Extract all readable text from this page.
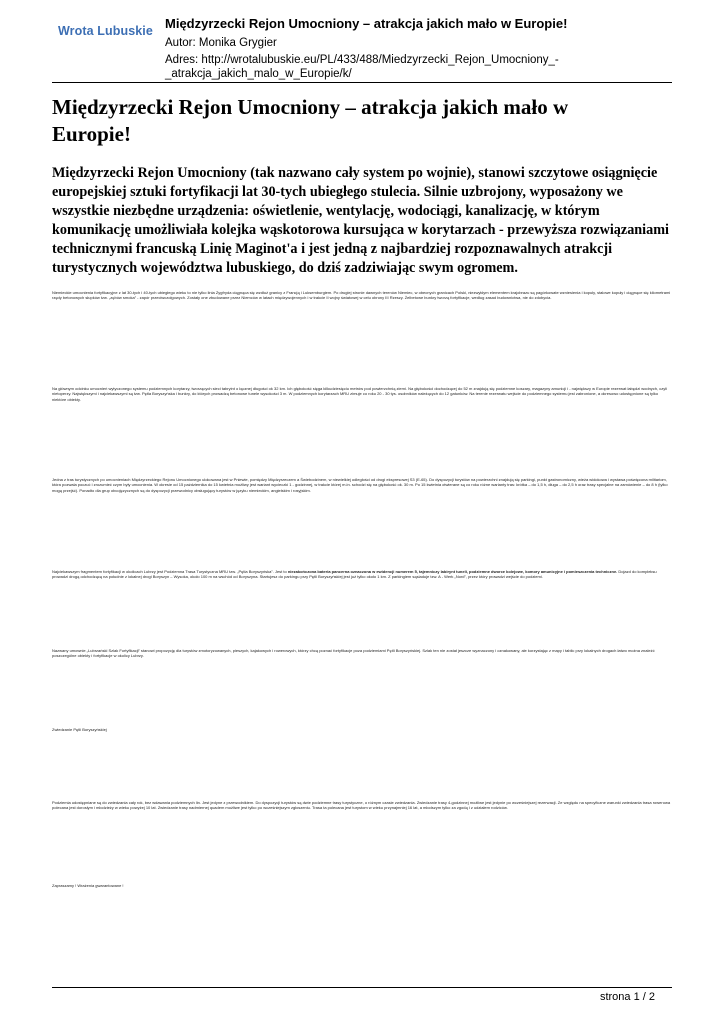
Wrota Lubuskie Międzyrzecki Rejon Umocniony – atrakcja jakich mało w Europie!
Autor: Monika Grygier
Adres: http://wrotalubuskie.eu/PL/433/488/Miedzyrzecki_Rejon_Umocniony_-_atrakcja_jakich_malo_w_Europie/k/
Międzyrzecki Rejon Umocniony – atrakcja jakich mało w Europie!

Międzyrzecki Rejon Umocniony (tak nazwano cały system po wojnie), stanowi szczytowe osiągnięcie europejskiej sztuki fortyfikacji lat 30-tych ubiegłego stulecia. Silnie uzbrojony, wyposażony we wszystkie niezbędne urządzenia: oświetlenie, wentylację, wodociągi, kanalizację, w którym komunikację umożliwiała kolejka wąskotorowa kursująca w korytarzach - przewyższa rozwiązaniami technicznymi francuską Linię Maginot'a i jest jedną z najbardziej rozpoznawalnych atrakcji turystycznych województwa lubuskiego, do dziś zadziwiając swym ogromem.

Niemieckie umocnienia fortyfikacyjne z lat 30-tych i 40-tych ubiegłego wieku to nie tylko linia Zygfryda ciągnąca się wzdłuż granicy z Francją i Luksemburgiem. Po drugiej stronie dawnych terenów Niemiec, w obecnych granicach Polski, niezwykłym elementem krajobrazu są pagórkowate wzniesienia i kopuły, stalowe kopuły i ciągnące się kilometrami rzędy betonowych słupków tzw. „zębów smoka” - zapór przeciwczołgowych. Zostały one zbudowane przez Niemców w latach międzywojennych i w trakcie II wojny światowej w celu obrony III Rzeszy. Żelbetowe bunkry tworzą fortyfikacje, według zasad budownictwa, nie do zdobycia.

Na głównym odcinku umocnień wytyczonego systemu podziemnych korytarzy, tworzących sieci tabryint o łącznej długości ok 32 km. Ich głębokość sięga kilkudziesięciu metrów pod powierzchnią ziemi. Na głębokości dochodzącej do 52 m znajdują się podziemne koszary, magazyny amunicji i - największy w Europie rezerwat łabędzi wodnych, czyli nietoperzy. Największymi i najciekawszymi są tzw. Pętla Boryszyńska i bunkry, do których prowadzą betonowe tunele wysokości 3 m. W podziemnych korytarzach MRU zimuje co roku 20 - 30 tys. osobników należących do 12 gatunków. Na terenie rezerwatu wejście do podziemnego systemu jest zabronione, a okresowo udostępnione są tylko niektóre obiekty.

Jedna z tras turystycznych po umocnieniach Międzyrzeckiego Rejonu Umocnionego ulokowana jest w Pniewie, pomiędzy Międzyrzeczem a Świebodzinem, w niewielkiej odległości od drogi ekspresowej S3 (E-65). Do dyspozycji turystów na powierzchni znajdują się parkingi, punkt gastronomiczny, wieża widokowa i wystawa poświęcona militariom, która pozwala poczuć i zrozumieć czym były umocnienia. W okresie od 15 października do 15 kwietnia możliwy jest wariant wycieczki 1 - godzinnej, w trakcie której m.in. schodzi się na głębokość ok. 30 m. Po 15 kwietnia otwierane są co roku różne warianty tras: krótka – do 1,5 h, długa – do 2,5 h oraz trasy specjalne na zamówienie – do 8 h (tylko mogą przejść). Ponadto dla grup obcojęzycznych są do dyspozycji przewodnicy obsługujący turystów w języku niemieckim, angielskim i rosyjskim.

Najciekawszym fragmentem fortyfikacji w okolicach Lubrzy jest Podziemna Trasa Turystyczna MRU tzw. „Pętla Boryszyńska”. Jest to niezakończona bateria pancerna oznaczona w ewidencji numerem 5, tajemniczy labirynt tuneli, podziemne dworce kolejowe, komory amunicyjne i pomieszczenia techniczne. Dojazd do kompleksu prowadzi drogą odchodzącą na południe z lokalnej drogi Boryszyn – Wysoka, około 100 m na wschód od Boryszyna. Startujesz do parkingu przy Pętli Boryszyńskiej jest już tylko około 1 km. Z parkingiem sąsiaduje tzw. A - Werk „Nord”, przez który prowadzi wejście do podziemi.

Nazwany umownie „Lubrzański Szlak Fortyfikacji” stanowi propozycję dla turystów zmotoryzowanych, pieszych, kajakowych i rowerowych, którzy chcą poznać fortyfikacje poza podziemiami Pętli Boryszyńskiej. Szlak ten nie został jeszcze wyznaczony i oznakowany, ale korzystając z mapy i tablic przy lokalnych drogach łatwo można znaleźć poszczególne obiekty i fortyfikacje w okolicy Lubrzy.

Zwiedzanie Pętli Boryszyńskiej

Podziemia udostępniane są do zwiedzania cały rok, bez wdawania podziemnych lin. Jest jedyne z przewodnikiem. Do dyspozycji turystów są dwie podziemne trasy turystyczne, o różnym czasie zwiedzania. Zwiedzanie trasy 4-godzinnej możliwe jest jedynie po wcześniejszej rezerwacji. Ze względu na specyficzne warunki zwiedzania trasa rowerowa polecana jest dorosłym i młodzieży w wieku powyżej 10 lat. Zwiedzanie trasy nadmiernej quadem możliwe jest tylko po wcześniejszym zgłoszeniu. Trasa ta polecana jest turystom w wieku przynajmniej 16 lat, a młodszym tylko za zgodą i z udziałem rodziców.

Zapraszamy ! Wrażenia gwarantowane !

strona 1 / 2
